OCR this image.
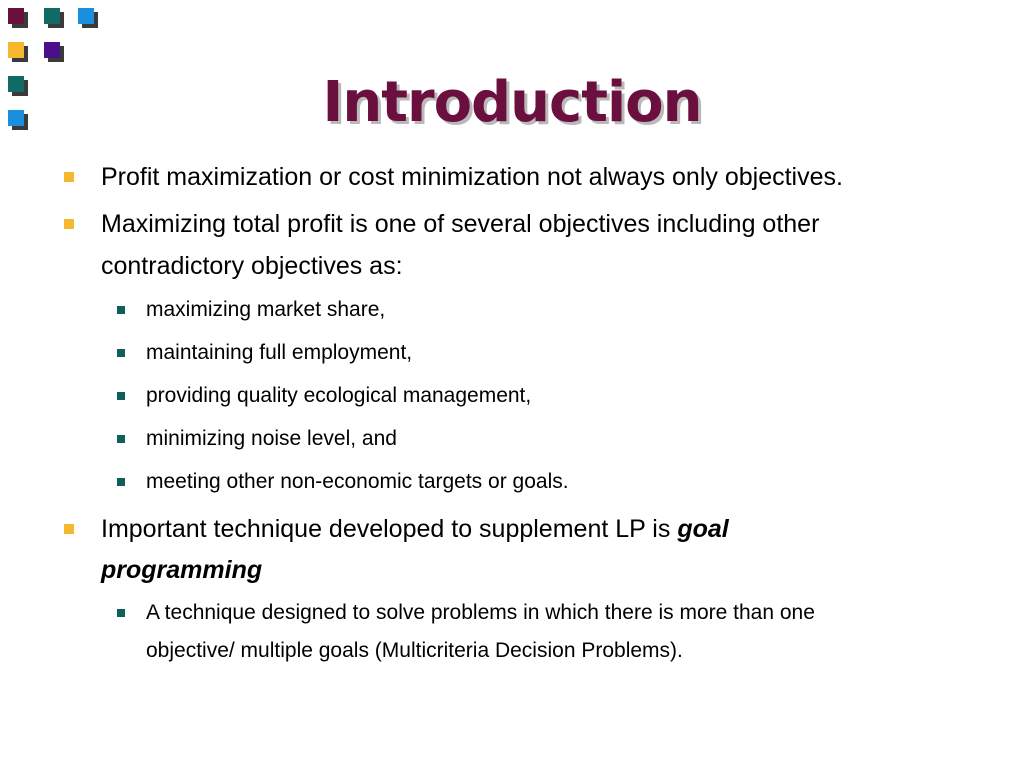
Introduction

Profit maximization or cost minimization not always only objectives.

Maximizing total profit is one of several objectives including other

contradictory objectives as:

maximizing market share,

maintaining full employment,

providing quality ecological management,

minimizing noise level, and

meeting other non-economic targets or goals.

Important technique developed to supplement LP is goal

programming

A technique designed to solve problems in which there is more than one

objective/ multiple goals (Multicriteria Decision Problems).
